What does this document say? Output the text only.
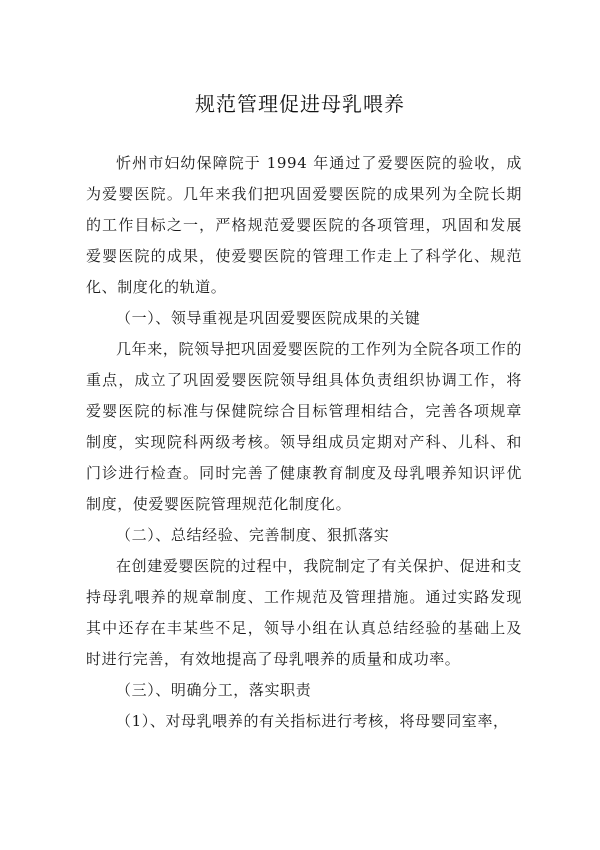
规范管理促进母乳喂养

忻州市妇幼保障院于 1994 年通过了爱婴医院的验收，成为爱婴医院。几年来我们把巩固爱婴医院的成果列为全院长期的工作目标之一，严格规范爱婴医院的各项管理，巩固和发展爱婴医院的成果，使爱婴医院的管理工作走上了科学化、规范化、制度化的轨道。

（一）、领导重视是巩固爱婴医院成果的关键

几年来，院领导把巩固爱婴医院的工作列为全院各项工作的重点，成立了巩固爱婴医院领导组具体负责组织协调工作，将爱婴医院的标准与保健院综合目标管理相结合，完善各项规章制度，实现院科两级考核。领导组成员定期对产科、儿科、和门诊进行检查。同时完善了健康教育制度及母乳喂养知识评优制度，使爱婴医院管理规范化制度化。

（二）、总结经验、完善制度、狠抓落实

在创建爱婴医院的过程中，我院制定了有关保护、促进和支持母乳喂养的规章制度、工作规范及管理措施。通过实路发现其中还存在丰某些不足，领导小组在认真总结经验的基础上及时进行完善，有效地提高了母乳喂养的质量和成功率。

（三）、明确分工，落实职责

（1）、对母乳喂养的有关指标进行考核，将母婴同室率，
